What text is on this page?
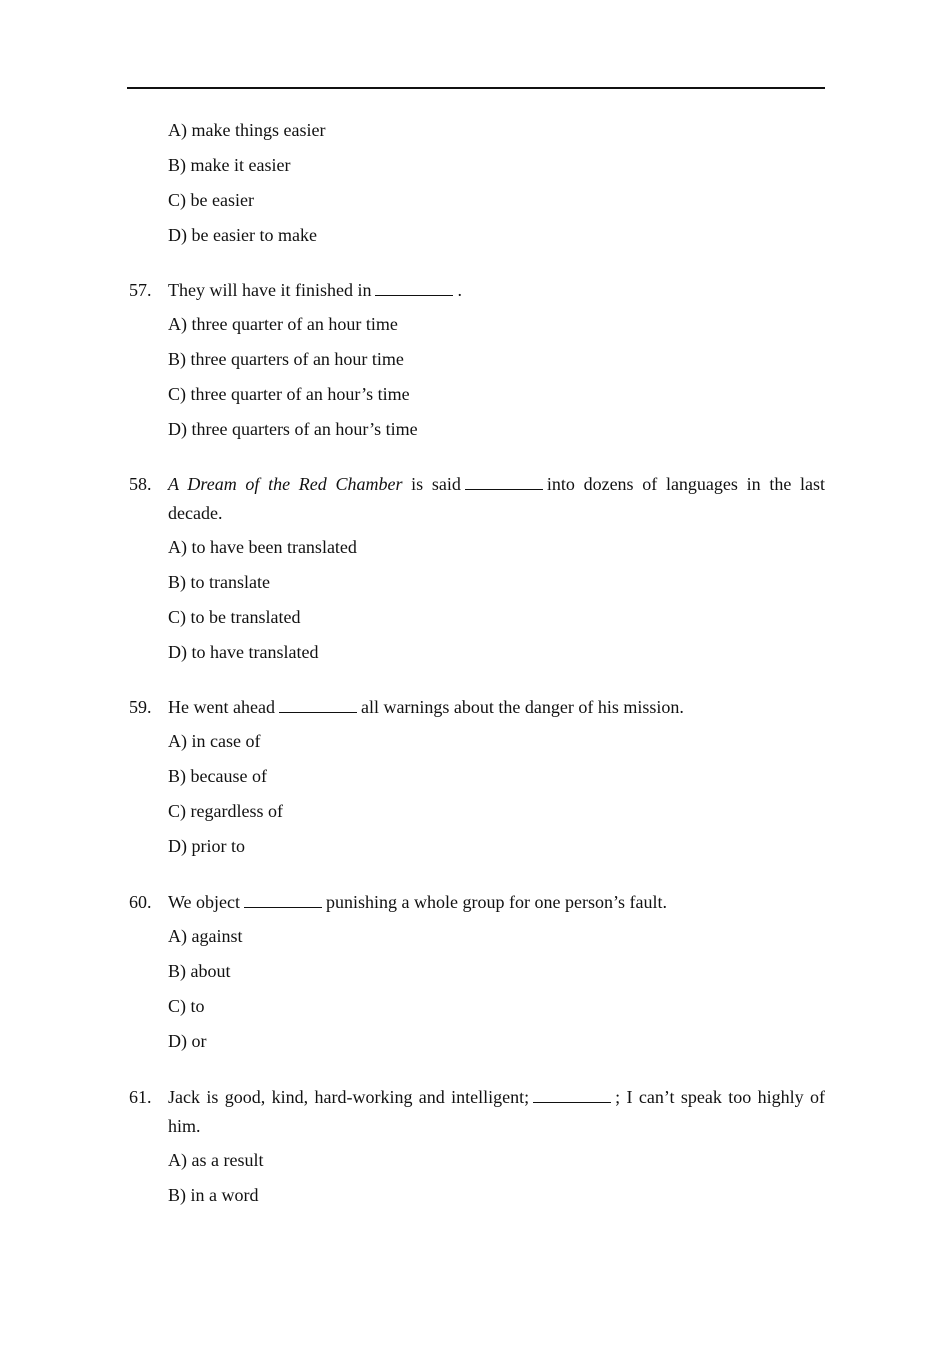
A) make things easier
B) make it easier
C) be easier
D) be easier to make
57. They will have it finished in	.
A) three quarter of an hour time
B) three quarters of an hour time
C) three quarter of an hour’s time
D) three quarters of an hour’s time
58. A Dream of the Red Chamber is said	into dozens of languages in the last decade.
A) to have been translated
B) to translate
C) to be translated
D) to have translated
59. He went ahead	all warnings about the danger of his mission.
A) in case of
B) because of
C) regardless of
D) prior to
60. We object	punishing a whole group for one person’s fault.
A) against
B) about
C) to
D) or
61. Jack is good, kind, hard-working and intelligent;	; I can’t speak too highly of him.
A) as a result
B) in a word
